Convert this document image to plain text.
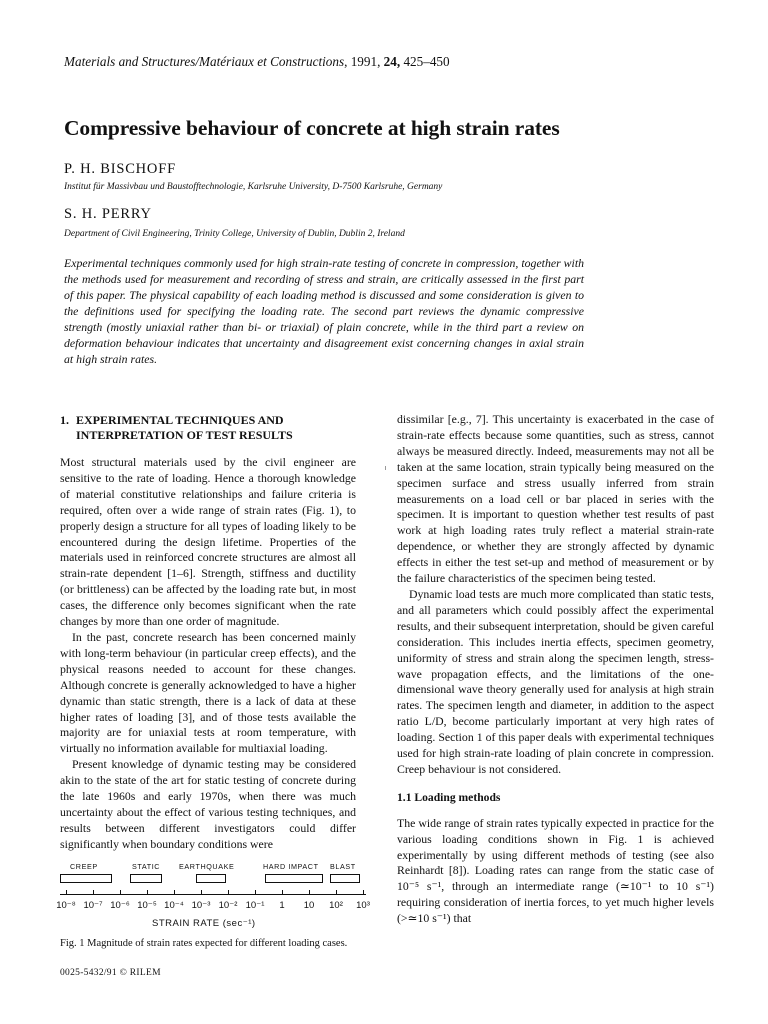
Materials and Structures/Matériaux et Constructions, 1991, 24, 425–450
Compressive behaviour of concrete at high strain rates
P. H. BISCHOFF
Institut für Massivbau und Baustofftechnologie, Karlsruhe University, D-7500 Karlsruhe, Germany
S. H. PERRY
Department of Civil Engineering, Trinity College, University of Dublin, Dublin 2, Ireland
Experimental techniques commonly used for high strain-rate testing of concrete in compression, together with the methods used for measurement and recording of stress and strain, are critically assessed in the first part of this paper. The physical capability of each loading method is discussed and some consideration is given to the definitions used for specifying the loading rate. The second part reviews the dynamic compressive strength (mostly uniaxial rather than bi- or triaxial) of plain concrete, while in the third part a review on deformation behaviour indicates that uncertainty and disagreement exist concerning changes in axial strain at high strain rates.
1. EXPERIMENTAL TECHNIQUES AND
INTERPRETATION OF TEST RESULTS

Most structural materials used by the civil engineer are sensitive to the rate of loading. Hence a thorough knowledge of material constitutive relationships and failure criteria is required, often over a wide range of strain rates (Fig. 1), to properly design a structure for all types of loading likely to be encountered during the design lifetime. Properties of the materials used in reinforced concrete structures are almost all strain-rate dependent [1–6]. Strength, stiffness and ductility (or brittleness) can be affected by the loading rate but, in most cases, the difference only becomes significant when the rate changes by more than one order of magnitude.

In the past, concrete research has been concerned mainly with long-term behaviour (in particular creep effects), and the physical reasons needed to account for these changes. Although concrete is generally acknowledged to have a higher dynamic than static strength, there is a lack of data at these higher rates of loading [3], and of those tests available the majority are for uniaxial tests at room temperature, with virtually no information available for multiaxial loading.

Present knowledge of dynamic testing may be considered akin to the state of the art for static testing of concrete during the late 1960s and early 1970s, when there was much uncertainty about the effect of various testing techniques, and results between different investigators could differ significantly when boundary conditions were

dissimilar [e.g., 7]. This uncertainty is exacerbated in the case of strain-rate effects because some quantities, such as stress, cannot always be measured directly. Indeed, measurements may not all be taken at the same location, strain typically being measured on the specimen surface and stress usually inferred from strain measurements on a load cell or bar placed in series with the specimen. It is important to question whether test results of past work at high loading rates truly reflect a material strain-rate dependence, or whether they are strongly affected by dynamic effects in either the test set-up and method of measurement or by the failure characteristics of the specimen being tested.

Dynamic load tests are much more complicated than static tests, and all parameters which could possibly affect the experimental results, and their subsequent interpretation, should be given careful consideration. This includes inertia effects, specimen geometry, uniformity of stress and strain along the specimen length, stress-wave propagation effects, and the limitations of the one-dimensional wave theory generally used for analysis at high strain rates. The specimen length and diameter, in addition to the aspect ratio L/D, become particularly important at very high rates of loading. Section 1 of this paper deals with experimental techniques used for high strain-rate loading of plain concrete in compression. Creep behaviour is not considered.

1.1 Loading methods

The wide range of strain rates typically expected in practice for the various loading conditions shown in Fig. 1 is achieved experimentally by using different methods of testing (see also Reinhardt [8]). Loading rates can range from the static case of 10⁻⁵ s⁻¹, through an intermediate range (≃10⁻¹ to 10 s⁻¹) requiring consideration of inertia forces, to yet much higher levels (>≃10 s⁻¹) that

CREEP	STATIC	EARTHQUAKE	HARD IMPACT BLAST
10⁻⁸ 10⁻⁷ 10⁻⁶ 10⁻⁵ 10⁻⁴ 10⁻³ 10⁻² 10⁻¹ 1 10 10² 10³
STRAIN RATE (sec⁻¹)
Fig. 1 Magnitude of strain rates expected for different loading cases.
0025-5432/91 © RILEM
